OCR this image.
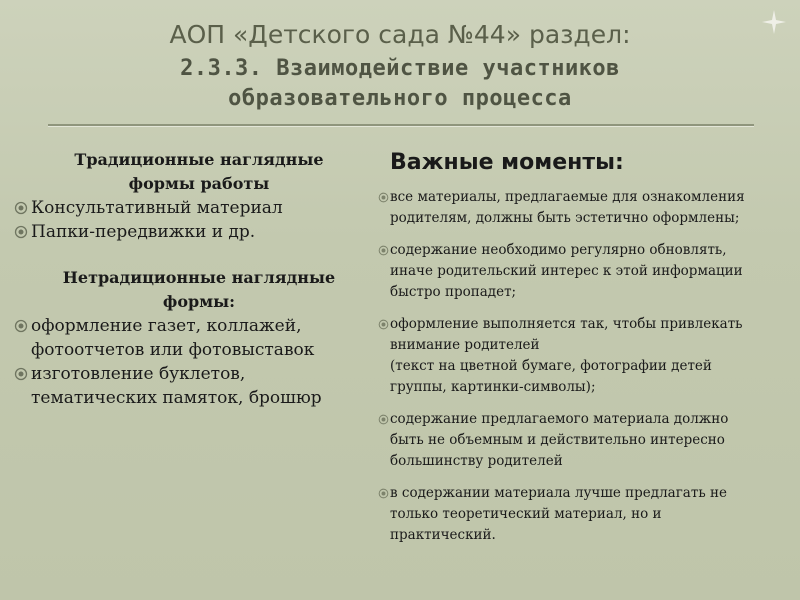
АОП «Детского сада №44» раздел:
2.3.3. Взаимодействие участников
образовательного процесса
Традиционные наглядные
формы работы
Консультативный материал
Папки-передвижки и др.
Нетрадиционные наглядные
формы:
оформление газет, коллажей,
фотоотчетов или фотовыставок
изготовление буклетов,
тематических памяток, брошюр
Важные моменты:
все материалы, предлагаемые для ознакомления
родителям, должны быть эстетично оформлены;
содержание необходимо регулярно обновлять,
иначе родительский интерес к этой информации
быстро пропадет;
оформление выполняется так, чтобы привлекать
внимание родителей
(текст на цветной бумаге, фотографии детей
группы, картинки-символы);
содержание предлагаемого материала должно
быть не объемным и действительно интересно
большинству родителей
в содержании материала лучше предлагать не
только теоретический материал, но и
практический.
